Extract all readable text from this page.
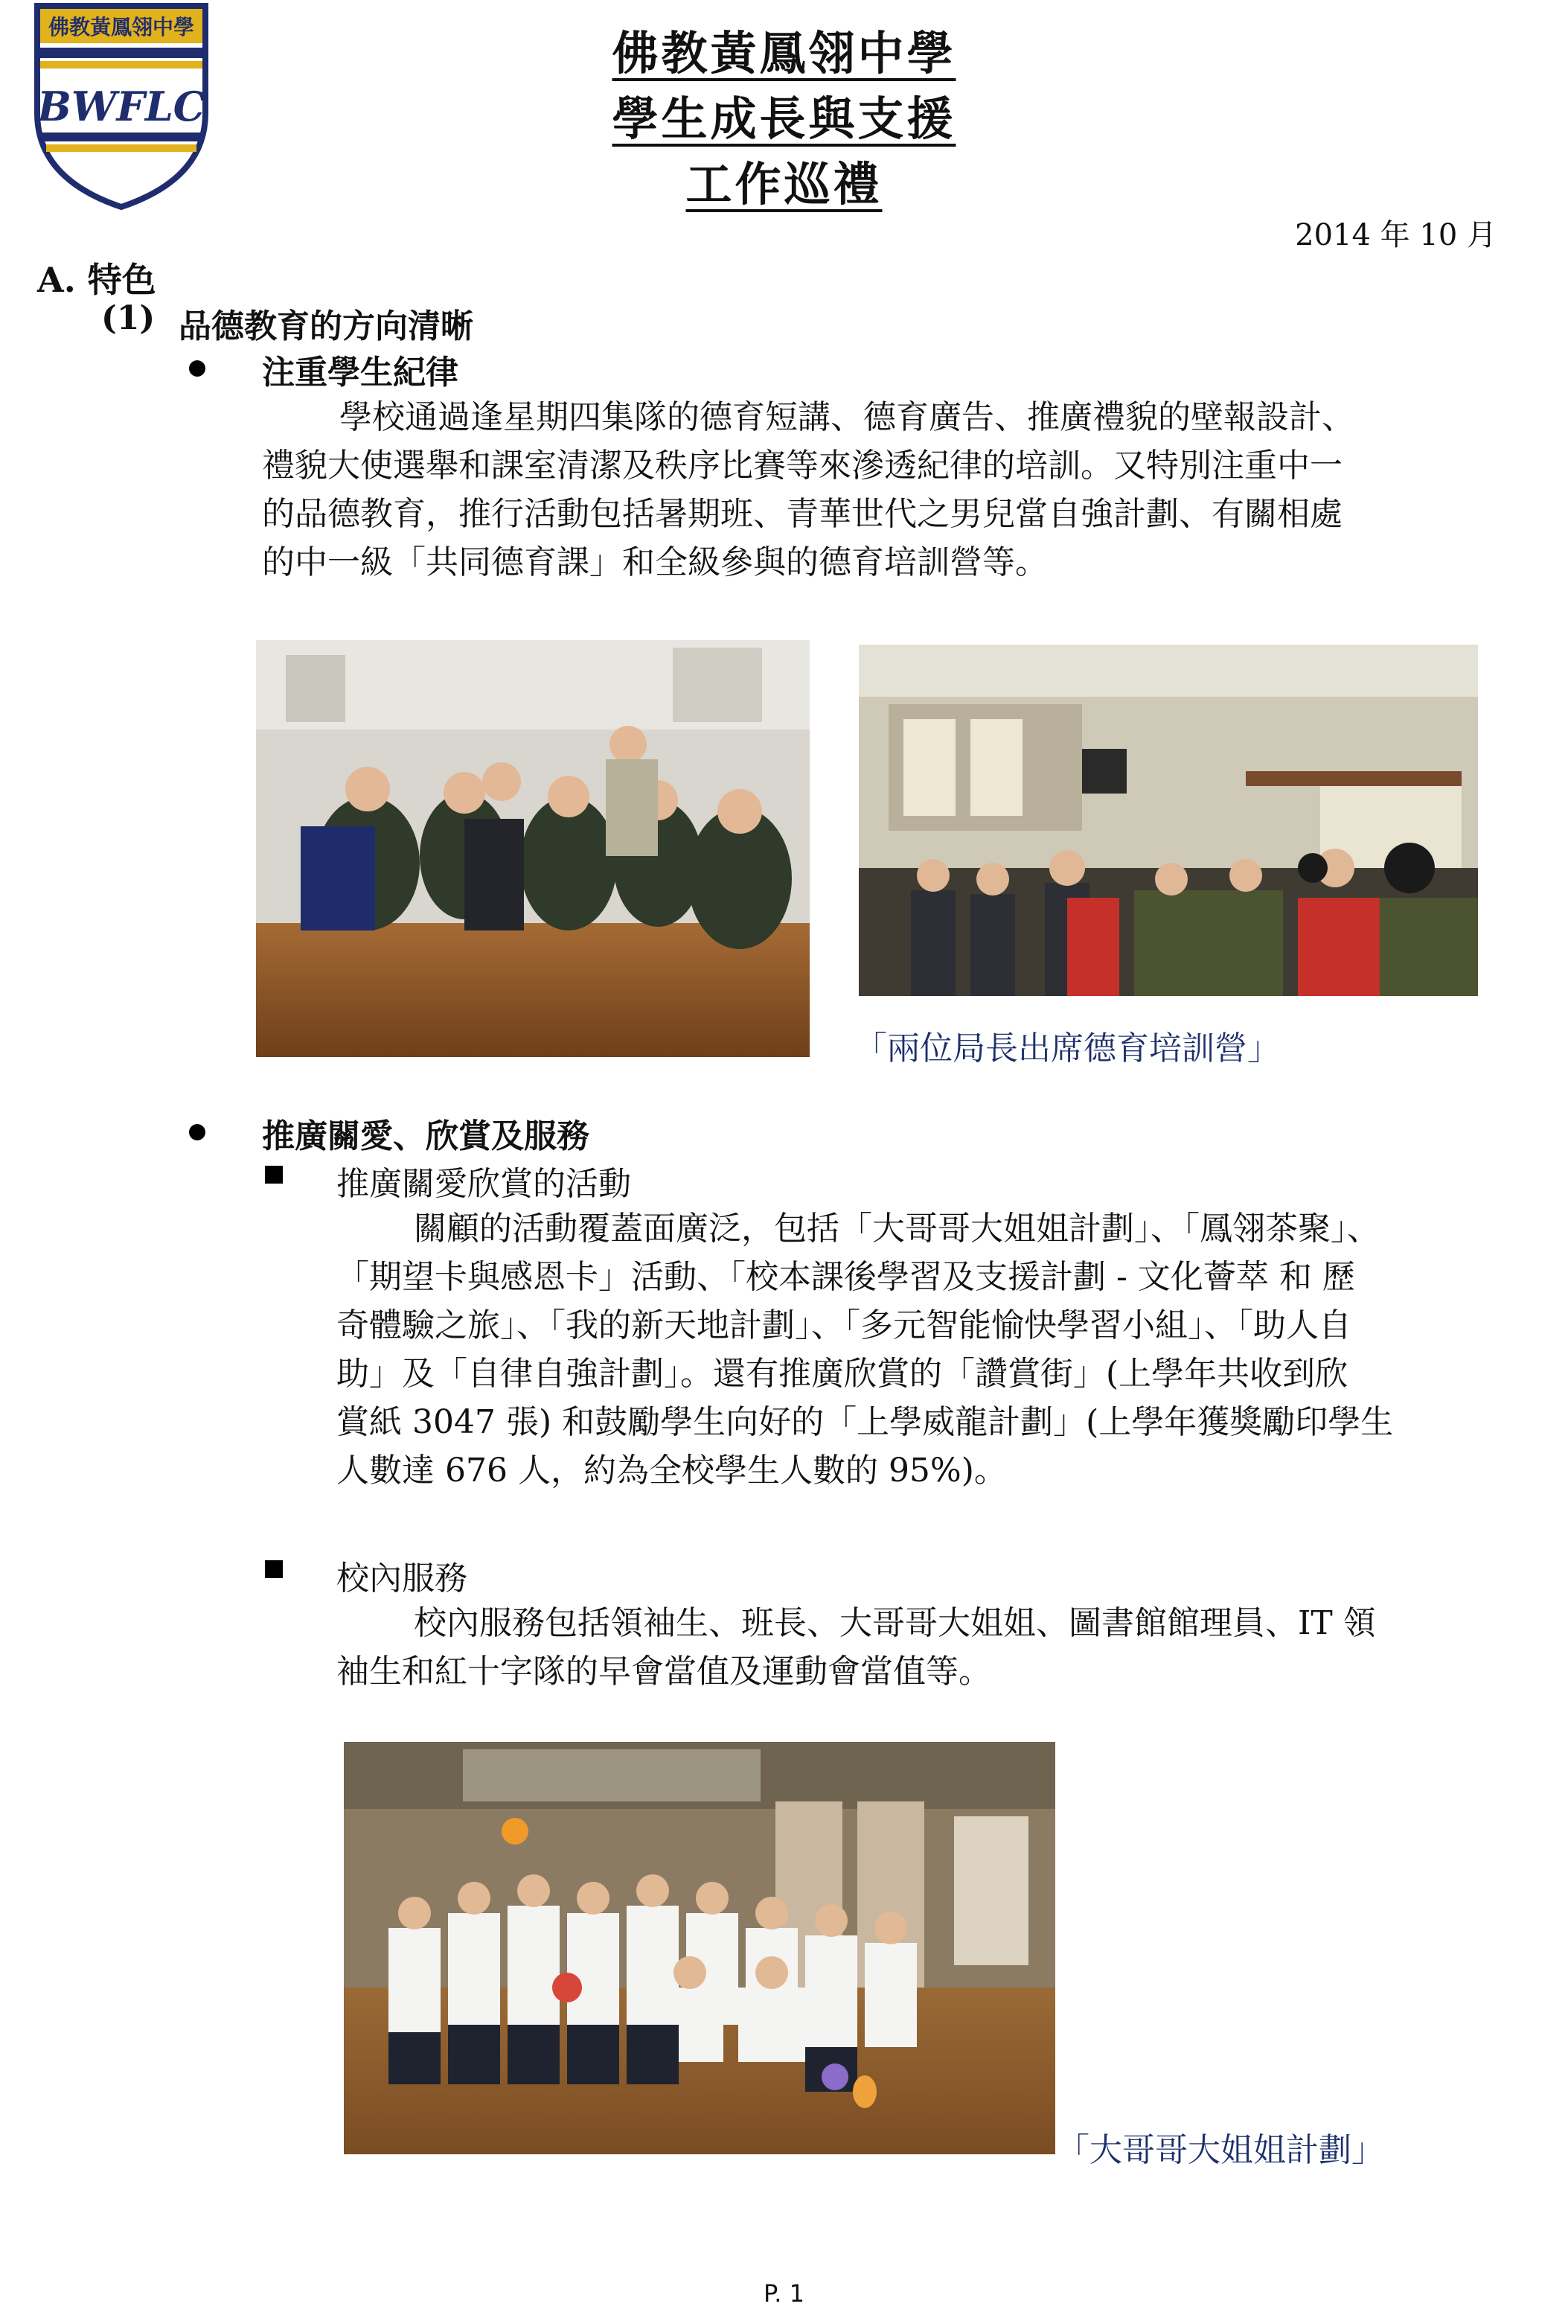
佛教黃鳳翎中學
BWFLC
佛教黃鳳翎中學
學生成長與支援
工作巡禮
2014 年 10 月
A. 特色
(1) 品德教育的方向清晰
注重學生紀律

學校通過逢星期四集隊的德育短講、德育廣告、推廣禮貌的壁報設計、

禮貌大使選舉和課室清潔及秩序比賽等來滲透紀律的培訓。又特別注重中一

的品德教育，推行活動包括暑期班、青華世代之男兒當自強計劃、有關相處

的中一級「共同德育課」和全級參與的德育培訓營等。

「兩位局長出席德育培訓營」
推廣關愛、欣賞及服務
推廣關愛欣賞的活動

關顧的活動覆蓋面廣泛，包括「大哥哥大姐姐計劃」、「鳳翎茶聚」、

「期望卡與感恩卡」活動、「校本課後學習及支援計劃 - 文化薈萃 和 歷

奇體驗之旅」、「我的新天地計劃」、「多元智能愉快學習小組」、「助人自

助」及「自律自強計劃」。還有推廣欣賞的「讚賞街」(上學年共收到欣

賞紙 3047 張) 和鼓勵學生向好的「上學威龍計劃」(上學年獲獎勵印學生

人數達 676 人，約為全校學生人數的 95%)。

校內服務

校內服務包括領袖生、班長、大哥哥大姐姐、圖書館館理員、IT 領

袖生和紅十字隊的早會當值及運動會當值等。

「大哥哥大姐姐計劃」
P. 1
